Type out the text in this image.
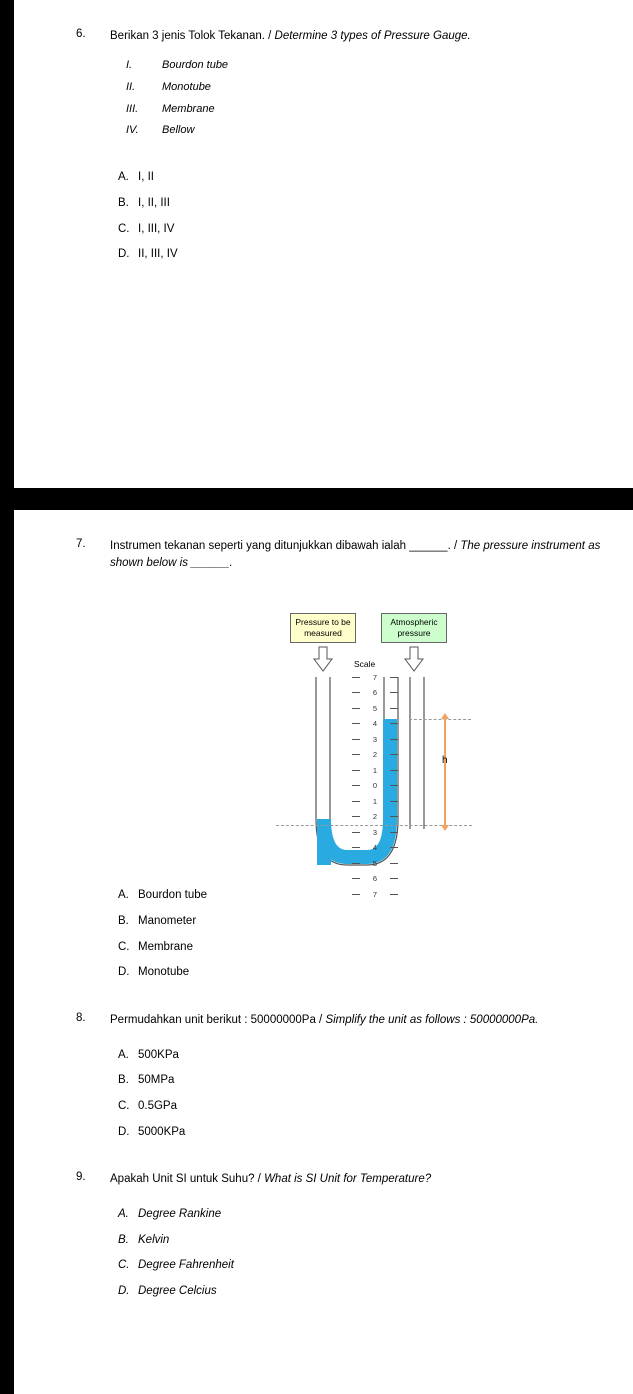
6.	Berikan 3 jenis Tolok Tekanan. / Determine 3 types of Pressure Gauge.
I.	Bourdon tube
II.	Monotube
III.	Membrane
IV.	Bellow
A. I, II
B. I, II, III
C. I, III, IV
D. II, III, IV
7.	Instrumen tekanan seperti yang ditunjukkan dibawah ialah ______. / The pressure instrument as shown below is ______.
Pressure to be measured
Atmospheric pressure
Scale
7
6
5
4
3
2
1
0
1
2
3
4
5
6
7
h
A. Bourdon tube
B. Manometer
C. Membrane
D. Monotube
8.	Permudahkan unit berikut : 50000000Pa / Simplify the unit as follows : 50000000Pa.
A. 500KPa
B. 50MPa
C. 0.5GPa
D. 5000KPa
9.	Apakah Unit SI untuk Suhu? / What is SI Unit for Temperature?
A. Degree Rankine
B. Kelvin
C. Degree Fahrenheit
D. Degree Celcius
